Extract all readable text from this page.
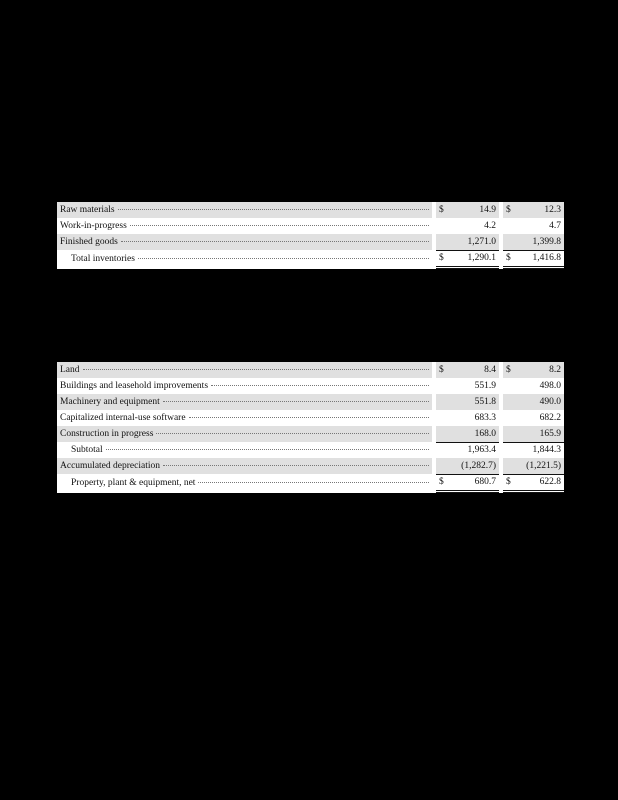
Raw materials		$	14.9		$	12.3

Work-in-progress			4.2			4.7

Finished goods			1,271.0			1,399.8

Total inventories		$	1,290.1		$	1,416.8
Land		$	8.4		$	8.2

Buildings and leasehold improvements			551.9			498.0

Machinery and equipment			551.8			490.0

Capitalized internal-use software			683.3			682.2

Construction in progress			168.0			165.9

Subtotal			1,963.4			1,844.3

Accumulated depreciation			(1,282.7)			(1,221.5)

Property, plant & equipment, net		$	680.7		$	622.8
